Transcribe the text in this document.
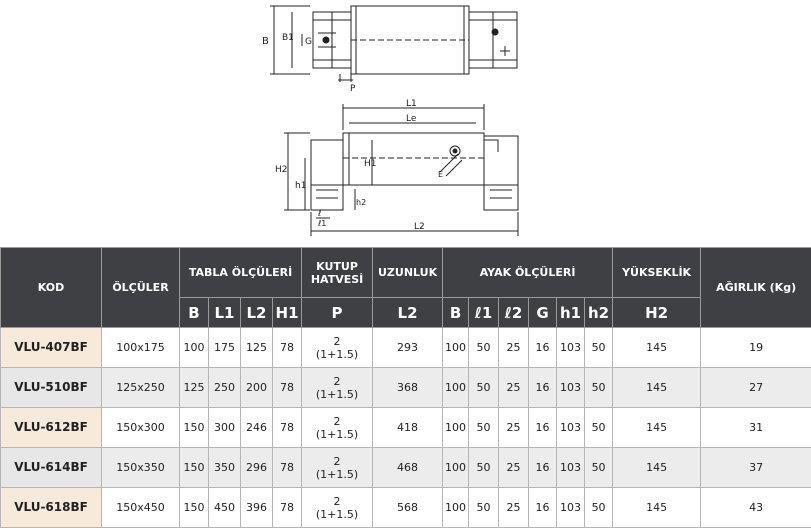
B B1 G
P
L1
Le
E
H2
h1
H1
h2
ℓ
ℓ1	L2
KOD	ÖLÇÜLER	TABLA ÖLÇÜLERİ				KUTUP HATVESİ	UZUNLUK	AYAK ÖLÇÜLERİ						YÜKSEKLİK	AĞIRLIK (Kg)
		B	L1	L2	H1	P	L2	B	ℓ1	ℓ2	G	h1	h2	H2	
VLU-407BF	100x175	100	175	125	78	2
(1+1.5)	293	100	50	25	16	103	50	145	19
VLU-510BF	125x250	125	250	200	78	2
(1+1.5)	368	100	50	25	16	103	50	145	27
VLU-612BF	150x300	150	300	246	78	2
(1+1.5)	418	100	50	25	16	103	50	145	31
VLU-614BF	150x350	150	350	296	78	2
(1+1.5)	468	100	50	25	16	103	50	145	37
VLU-618BF	150x450	150	450	396	78	2
(1+1.5)	568	100	50	25	16	103	50	145	43
